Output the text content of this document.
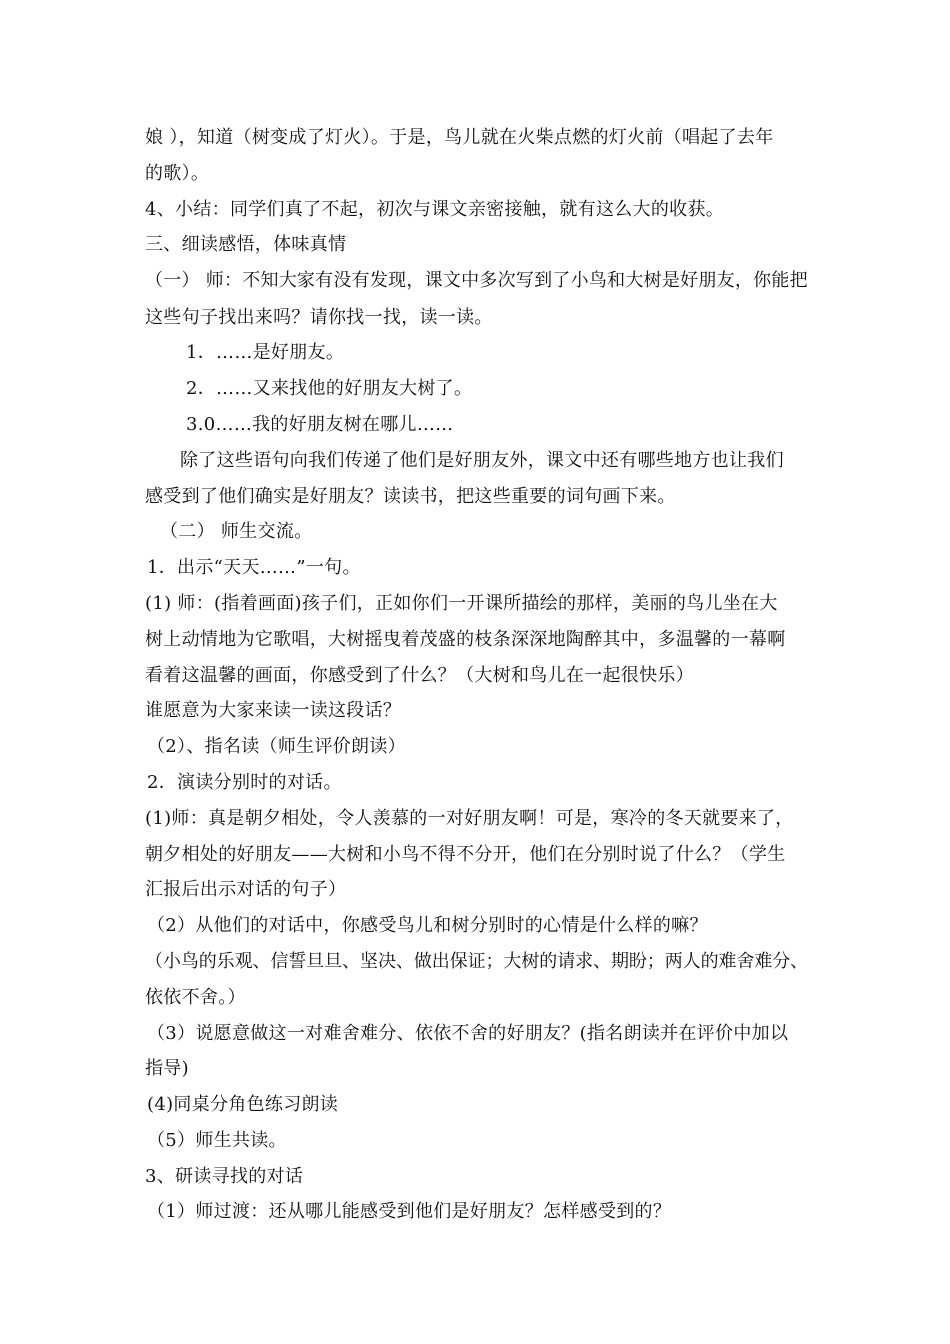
娘 ），知道（树变成了灯火）。于是，鸟儿就在火柴点燃的灯火前（唱起了去年
的歌）。
4、小结：同学们真了不起，初次与课文亲密接触，就有这么大的收获。
三、细读感悟，体味真情
（一） 师：不知大家有没有发现，课文中多次写到了小鸟和大树是好朋友，你能把
这些句子找出来吗？请你找一找，读一读。
1．……是好朋友。
2．……又来找他的好朋友大树了。
3.0……我的好朋友树在哪儿……
除了这些语句向我们传递了他们是好朋友外，课文中还有哪些地方也让我们
感受到了他们确实是好朋友？读读书，把这些重要的词句画下来。
（二） 师生交流。
1．出示“天天……”一句。
(1) 师：(指着画面)孩子们，正如你们一开课所描绘的那样，美丽的鸟儿坐在大
树上动情地为它歌唱，大树摇曳着茂盛的枝条深深地陶醉其中，多温馨的一幕啊
看着这温馨的画面，你感受到了什么？（大树和鸟儿在一起很快乐）
谁愿意为大家来读一读这段话？
（2）、指名读（师生评价朗读）
2．演读分别时的对话。
(1)师：真是朝夕相处，令人羡慕的一对好朋友啊！可是，寒冷的冬天就要来了，
朝夕相处的好朋友——大树和小鸟不得不分开，他们在分别时说了什么？（学生
汇报后出示对话的句子）
（2）从他们的对话中，你感受鸟儿和树分别时的心情是什么样的嘛？
（小鸟的乐观、信誓旦旦、坚决、做出保证；大树的请求、期盼；两人的难舍难分、
依依不舍。）
（3）说愿意做这一对难舍难分、依依不舍的好朋友？(指名朗读并在评价中加以
指导)
(4)同桌分角色练习朗读
（5）师生共读。
3、研读寻找的对话
（1）师过渡：还从哪儿能感受到他们是好朋友？怎样感受到的？
